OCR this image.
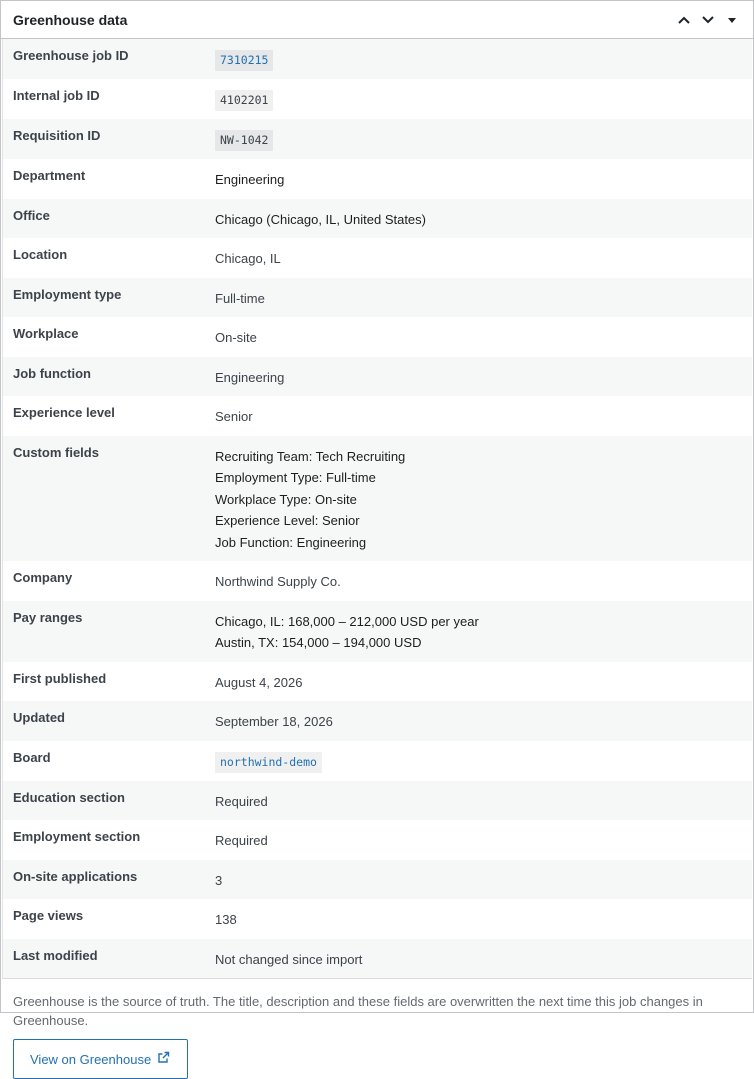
Greenhouse data
Greenhouse job ID	7310215
Internal job ID	4102201
Requisition ID	NW-1042
Department	Engineering
Office	Chicago (Chicago, IL, United States)
Location	Chicago, IL
Employment type	Full-time
Workplace	On-site
Job function	Engineering
Experience level	Senior
Custom fields	Recruiting Team: Tech Recruiting
Employment Type: Full-time
Workplace Type: On-site
Experience Level: Senior
Job Function: Engineering
Company	Northwind Supply Co.
Pay ranges	Chicago, IL: 168,000 – 212,000 USD per year
Austin, TX: 154,000 – 194,000 USD
First published	August 4, 2026
Updated	September 18, 2026
Board	northwind-demo
Education section	Required
Employment section	Required
On-site applications	3
Page views	138
Last modified	Not changed since import

Greenhouse is the source of truth. The title, description and these fields are overwritten the next time this job changes in Greenhouse.

View on Greenhouse
